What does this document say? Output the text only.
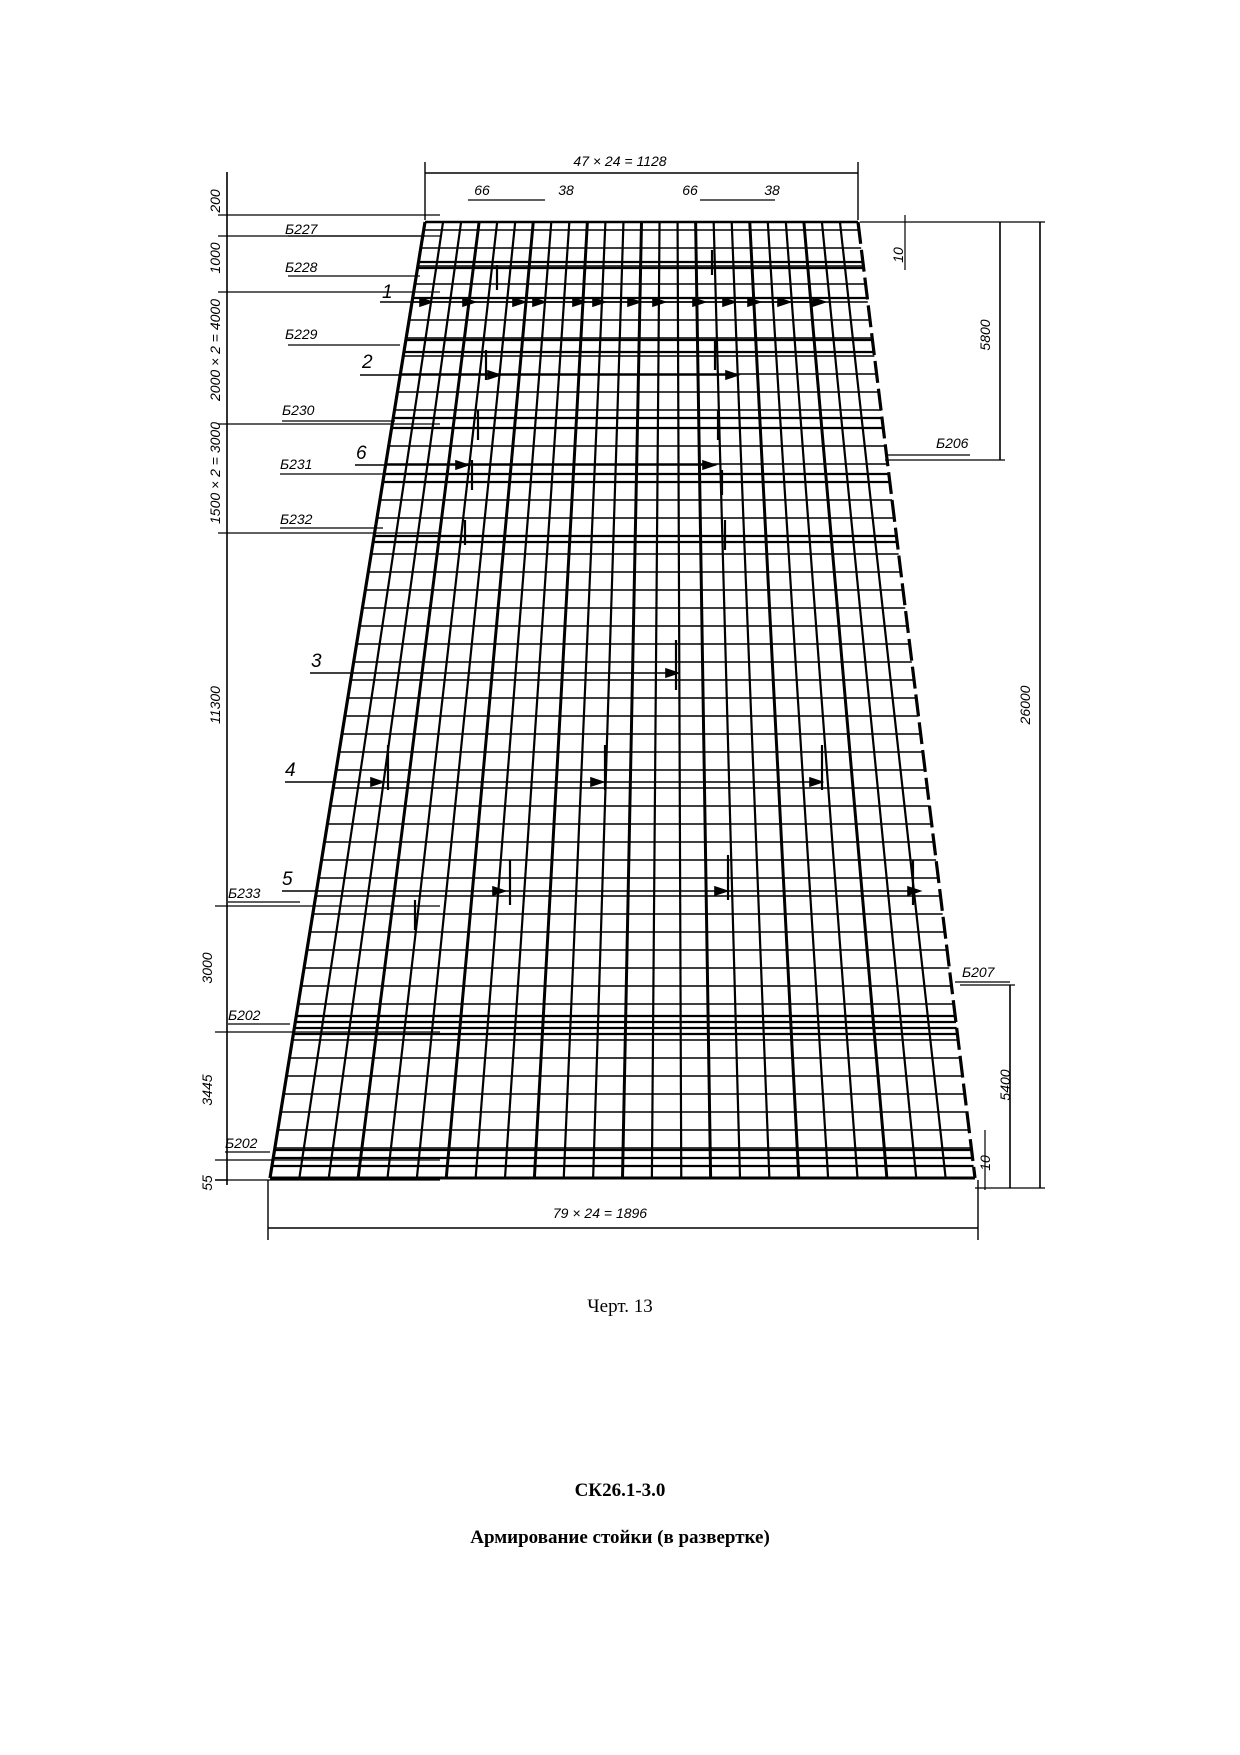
47 × 24 = 1128
66	38	66	38
79 × 24 = 1896
200
1000
2000 × 2 = 4000
1500 × 2 = 3000
11300
3000
3445
55
10
5800
26000
5400
10
Б227
Б228
Б229
Б230
Б231
Б232
Б233
Б202
Б202
Б206
Б207
1
2
6
3
4
5
Черт. 13
СК26.1-3.0
Армирование стойки (в развертке)
